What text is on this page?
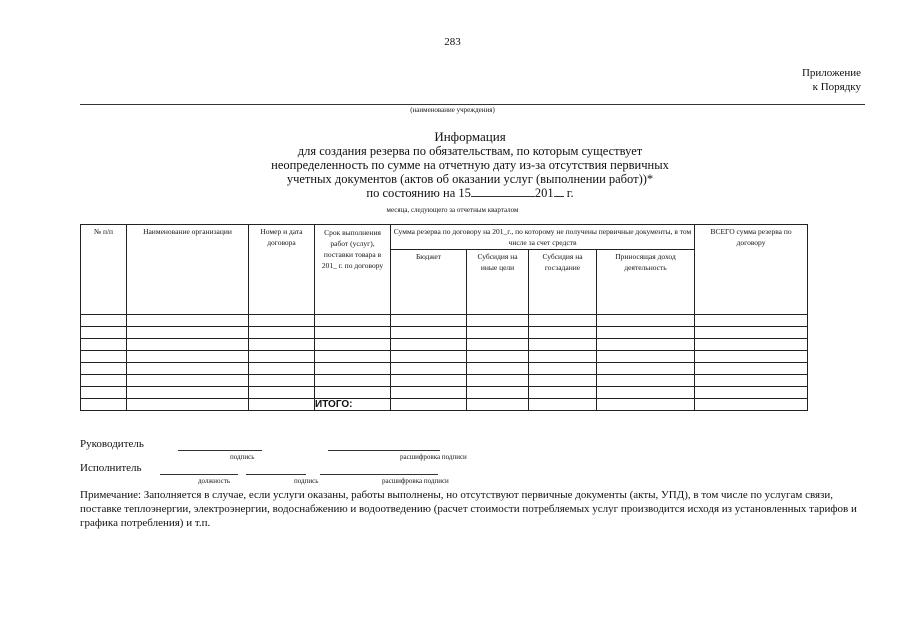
283
Приложение
к Порядку
(наименование учреждения)
Информация
для создания резерва по обязательствам, по которым существует
неопределенность по сумме на отчетную дату из-за отсутствия первичных
учетных документов (актов об оказании услуг (выполнении работ))*
по состоянию на 15	201 г.
месяца, следующего за отчетным кварталом
№ п/п	Наименование организации	Номер и дата договора	Срок выполнения работ (услуг), поставки товара в 201_ г. по договору	Сумма резерва по договору на 201_г., по которому не получены первичные документы, в том числе за счет средств				ВСЕГО сумма резерва по договору
				Бюджет	Субсидия на иные цели	Субсидия на госзадание	Приносящая доход деятельность	

			ИТОГО:					
Руководитель
подпись	расшифровка подписи
Исполнитель
должность	подпись	расшифровка подписи
Примечание: Заполняется в случае, если услуги оказаны, работы выполнены, но отсутствуют первичные документы (акты, УПД), в том числе по услугам связи, поставке теплоэнергии, электроэнергии, водоснабжению и водоотведению (расчет стоимости потребляемых услуг производится исходя из установленных тарифов и графика потребления) и т.п.
